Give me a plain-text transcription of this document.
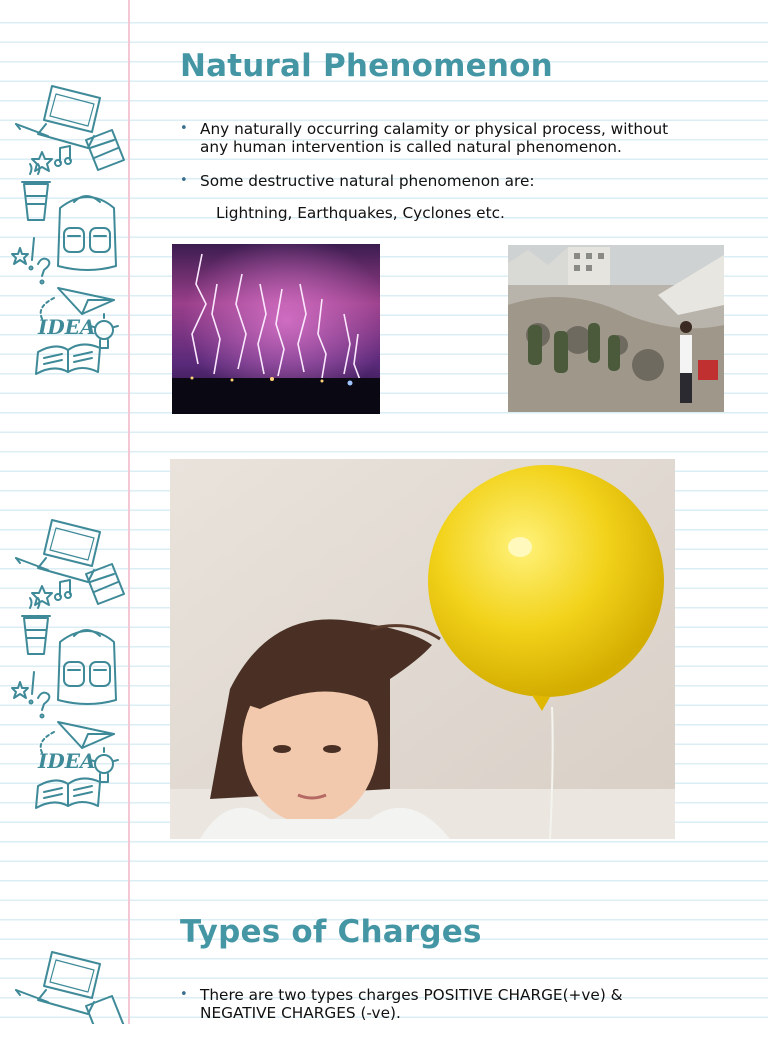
IDEA
IDEA
Natural Phenomenon
• Any naturally occurring calamity or physical process, without any human intervention is called natural phenomenon.
• Some destructive natural phenomenon are:

Lightning, Earthquakes, Cyclones etc.

Types of Charges
• There are two types charges POSITIVE CHARGE(+ve) & NEGATIVE CHARGES (-ve).
